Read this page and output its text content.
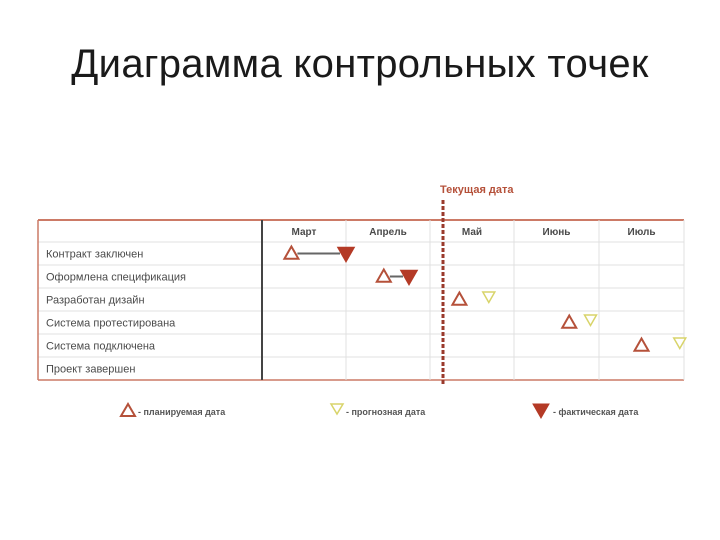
Диаграмма контрольных точек
Текущая дата
Март	Апрель	Май	Июнь	Июль
Контракт заключен
Оформлена спецификация
Разработан дизайн
Система протестирована
Система подключена
Проект завершен
- планируемая дата	- прогнозная дата	- фактическая дата
